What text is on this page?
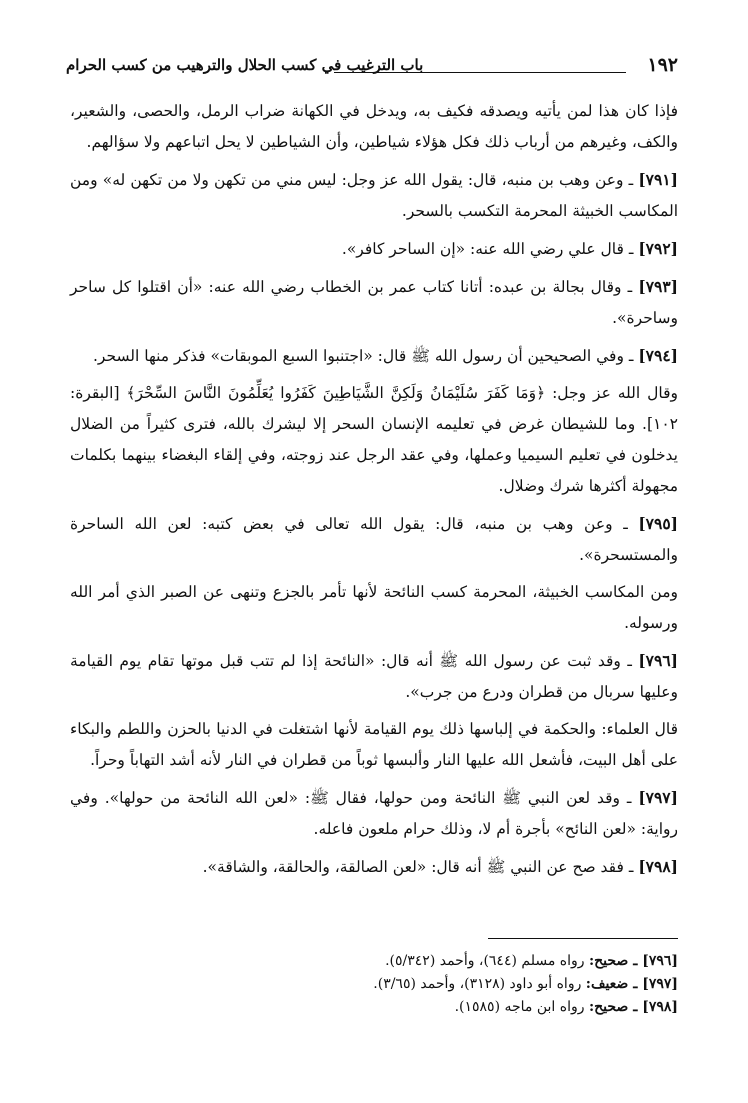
١٩٢
باب الترغيب في كسب الحلال والترهيب من كسب الحرام

فإذا كان هذا لمن يأتيه ويصدقه فكيف به، ويدخل في الكهانة ضراب الرمل، والحصى، والشعير، والكف، وغيرهم من أرباب ذلك فكل هؤلاء شياطين، وأن الشياطين لا يحل اتباعهم ولا سؤالهم.

[٧٩١] ـ وعن وهب بن منبه، قال: يقول الله عز وجل: ليس مني من تكهن ولا من تكهن له» ومن المكاسب الخبيثة المحرمة التكسب بالسحر.

[٧٩٢] ـ قال علي رضي الله عنه: «إن الساحر كافر».

[٧٩٣] ـ وقال بجالة بن عبده: أتانا كتاب عمر بن الخطاب رضي الله عنه: «أن اقتلوا كل ساحر وساحرة».

[٧٩٤] ـ وفي الصحيحين أن رسول الله ﷺ قال: «اجتنبوا السبع الموبقات» فذكر منها السحر.

وقال الله عز وجل: ﴿وَمَا كَفَرَ سُلَيْمَانُ وَلَكِنَّ الشَّيَاطِينَ كَفَرُوا يُعَلِّمُونَ النَّاسَ السِّحْرَ﴾ [البقرة: ١٠٢]. وما للشيطان غرض في تعليمه الإنسان السحر إلا ليشرك بالله، فترى كثيراً من الضلال يدخلون في تعليم السيميا وعملها، وفي عقد الرجل عند زوجته، وفي إلقاء البغضاء بينهما بكلمات مجهولة أكثرها شرك وضلال.

[٧٩٥] ـ وعن وهب بن منبه، قال: يقول الله تعالى في بعض كتبه: لعن الله الساحرة والمستسحرة».

ومن المكاسب الخبيثة، المحرمة كسب النائحة لأنها تأمر بالجزع وتنهى عن الصبر الذي أمر الله ورسوله.

[٧٩٦] ـ وقد ثبت عن رسول الله ﷺ أنه قال: «النائحة إذا لم تتب قبل موتها تقام يوم القيامة وعليها سربال من قطران ودرع من جرب».

قال العلماء: والحكمة في إلباسها ذلك يوم القيامة لأنها اشتغلت في الدنيا بالحزن واللطم والبكاء على أهل البيت، فأشعل الله عليها النار وألبسها ثوباً من قطران في النار لأنه أشد التهاباً وحراً.

[٧٩٧] ـ وقد لعن النبي ﷺ النائحة ومن حولها، فقال ﷺ: «لعن الله النائحة من حولها». وفي رواية: «لعن النائح» بأجرة أم لا، وذلك حرام ملعون فاعله.

[٧٩٨] ـ فقد صح عن النبي ﷺ أنه قال: «لعن الصالقة، والحالقة، والشاقة».

[٧٩٦] ـ صحيح: رواه مسلم (٦٤٤)، وأحمد (٥/٣٤٢).

[٧٩٧] ـ ضعيف: رواه أبو داود (٣١٢٨)، وأحمد (٣/٦٥).

[٧٩٨] ـ صحيح: رواه ابن ماجه (١٥٨٥).
